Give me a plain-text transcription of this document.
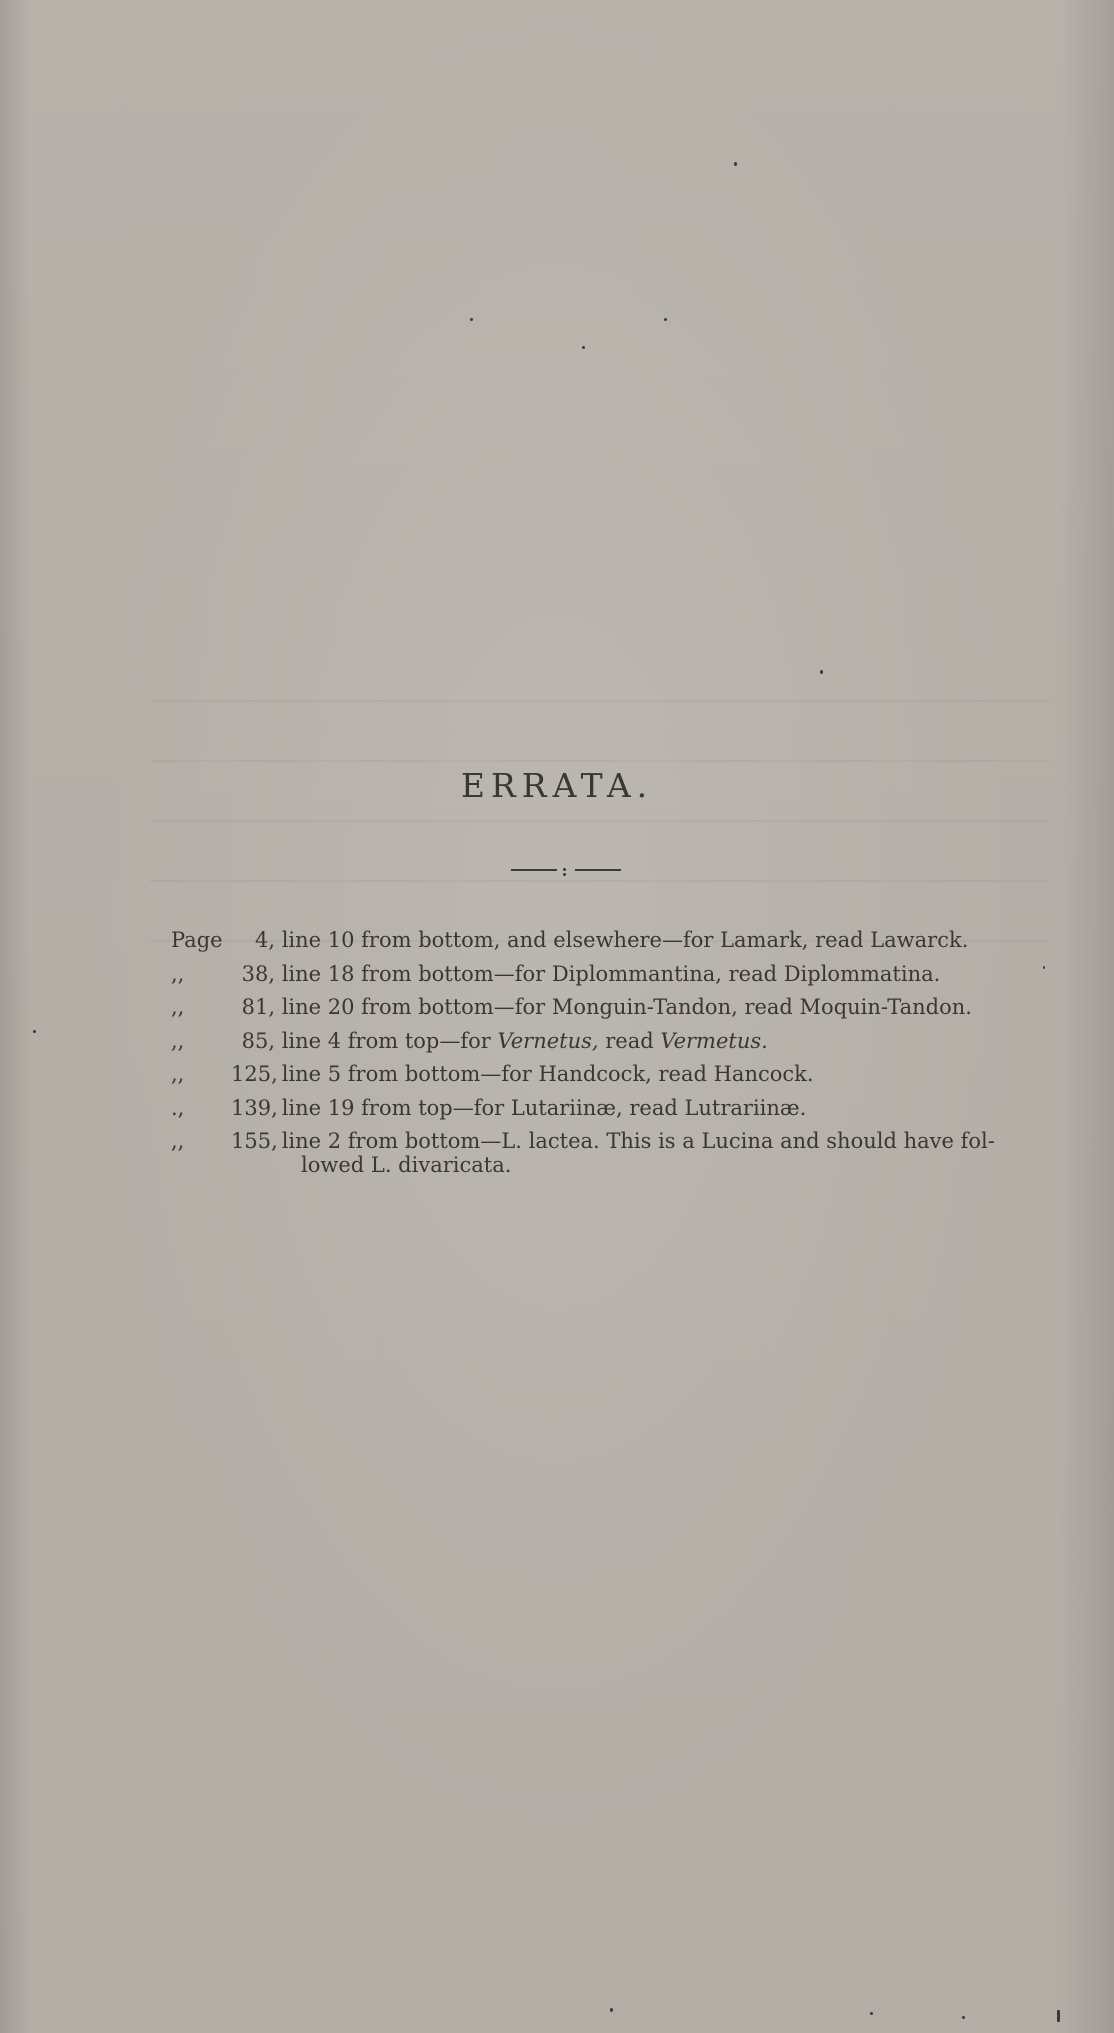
ERRATA.
Page	4, line 10 from bottom, and elsewhere—for Lamark, read Lawarck.
,,	38, line 18 from bottom—for Diplommantina, read Diplommatina.
,,	81, line 20 from bottom—for Monguin-Tandon, read Moquin-Tandon.
,,	85, line 4 from top—for Vernetus, read Vermetus.
,,	125, line 5 from bottom—for Handcock, read Hancock.
.,	139, line 19 from top—for Lutariinæ, read Lutrariinæ.
,,	155, line 2 from bottom—L. lactea. This is a Lucina and should have fol-
lowed L. divaricata.
